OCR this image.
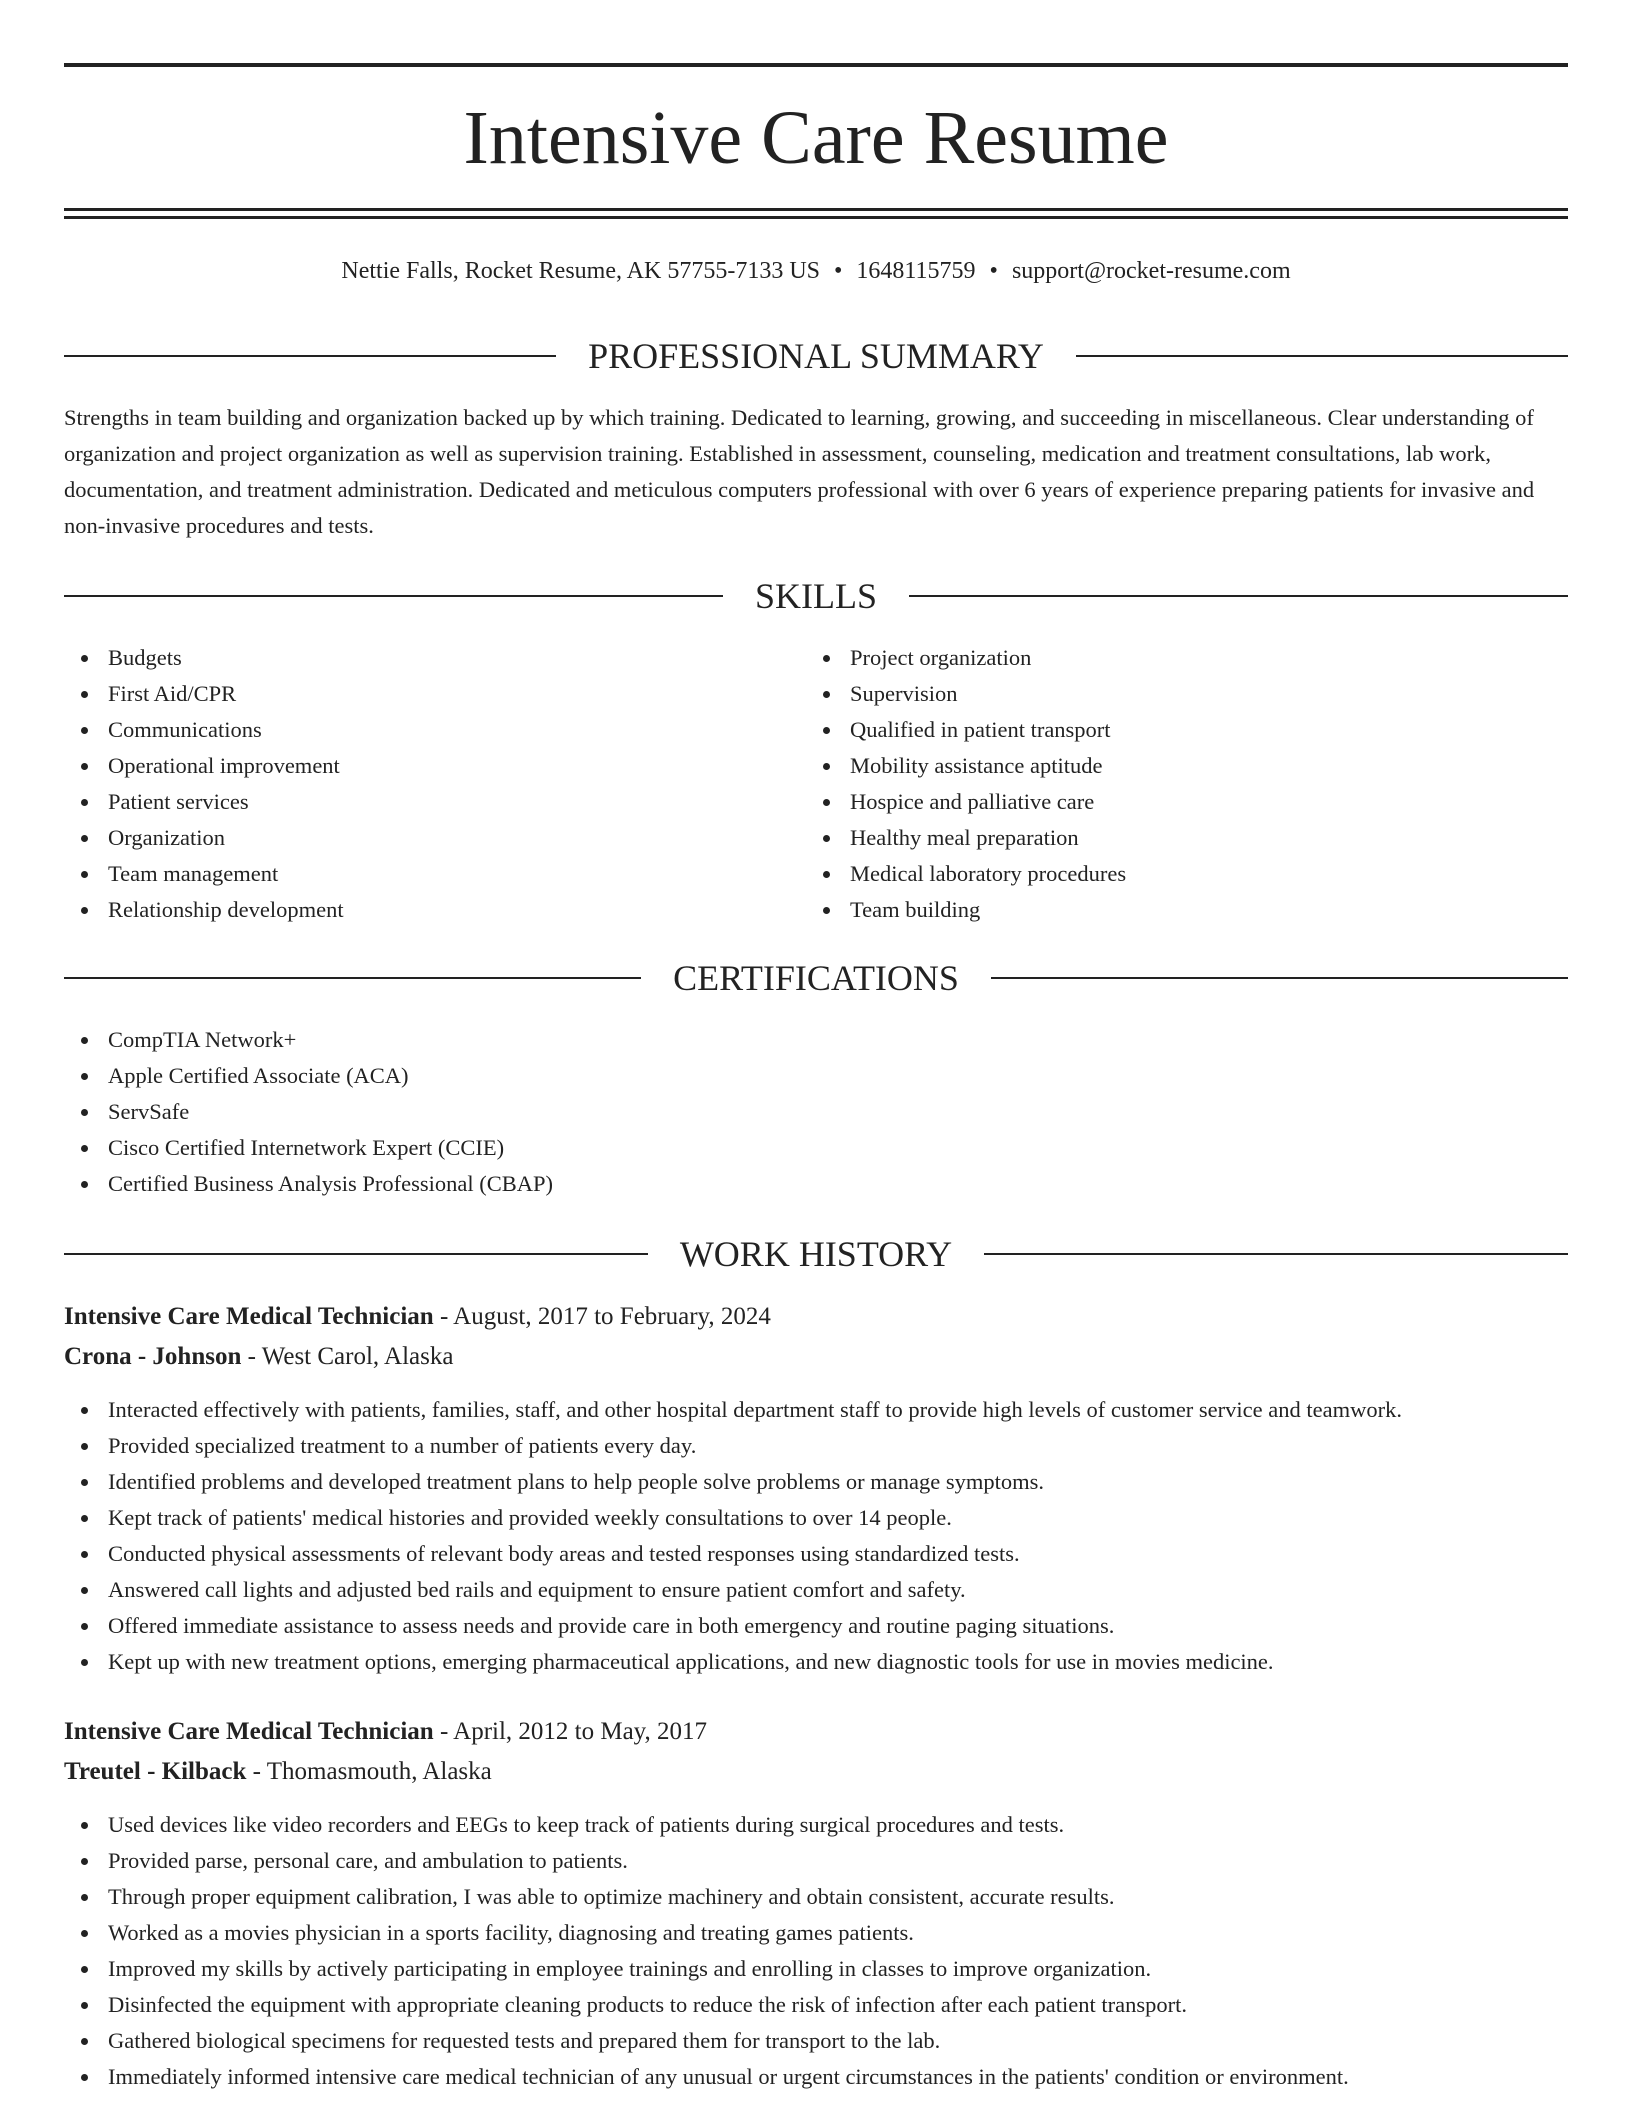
Intensive Care Resume
Nettie Falls, Rocket Resume, AK 57755-7133 US • 1648115759 • support@rocket-resume.com
PROFESSIONAL SUMMARY
Strengths in team building and organization backed up by which training. Dedicated to learning, growing, and succeeding in miscellaneous. Clear understanding of organization and project organization as well as supervision training. Established in assessment, counseling, medication and treatment consultations, lab work, documentation, and treatment administration. Dedicated and meticulous computers professional with over 6 years of experience preparing patients for invasive and non-invasive procedures and tests.
SKILLS
Budgets
First Aid/CPR
Communications
Operational improvement
Patient services
Organization
Team management
Relationship development
Project organization
Supervision
Qualified in patient transport
Mobility assistance aptitude
Hospice and palliative care
Healthy meal preparation
Medical laboratory procedures
Team building
CERTIFICATIONS
CompTIA Network+
Apple Certified Associate (ACA)
ServSafe
Cisco Certified Internetwork Expert (CCIE)
Certified Business Analysis Professional (CBAP)
WORK HISTORY
Intensive Care Medical Technician - August, 2017 to February, 2024
Crona - Johnson - West Carol, Alaska
Interacted effectively with patients, families, staff, and other hospital department staff to provide high levels of customer service and teamwork.
Provided specialized treatment to a number of patients every day.
Identified problems and developed treatment plans to help people solve problems or manage symptoms.
Kept track of patients' medical histories and provided weekly consultations to over 14 people.
Conducted physical assessments of relevant body areas and tested responses using standardized tests.
Answered call lights and adjusted bed rails and equipment to ensure patient comfort and safety.
Offered immediate assistance to assess needs and provide care in both emergency and routine paging situations.
Kept up with new treatment options, emerging pharmaceutical applications, and new diagnostic tools for use in movies medicine.
Intensive Care Medical Technician - April, 2012 to May, 2017
Treutel - Kilback - Thomasmouth, Alaska
Used devices like video recorders and EEGs to keep track of patients during surgical procedures and tests.
Provided parse, personal care, and ambulation to patients.
Through proper equipment calibration, I was able to optimize machinery and obtain consistent, accurate results.
Worked as a movies physician in a sports facility, diagnosing and treating games patients.
Improved my skills by actively participating in employee trainings and enrolling in classes to improve organization.
Disinfected the equipment with appropriate cleaning products to reduce the risk of infection after each patient transport.
Gathered biological specimens for requested tests and prepared them for transport to the lab.
Immediately informed intensive care medical technician of any unusual or urgent circumstances in the patients' condition or environment.
